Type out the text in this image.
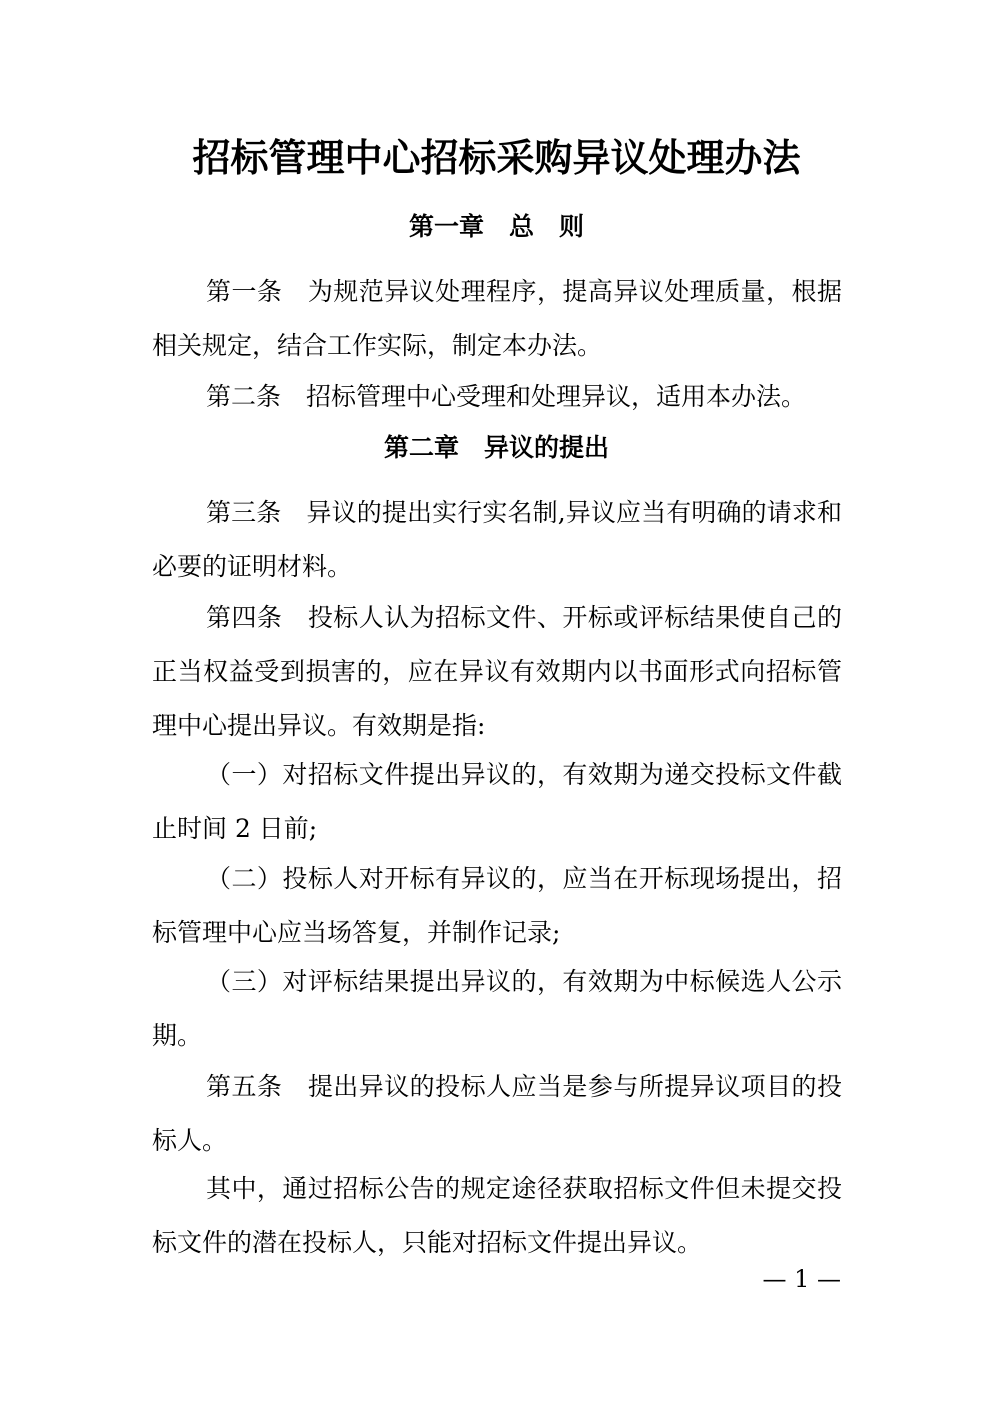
招标管理中心招标采购异议处理办法
第一章　总　则

第一条　为规范异议处理程序，提高异议处理质量，根据相关规定，结合工作实际，制定本办法。

第二条　招标管理中心受理和处理异议，适用本办法。

第二章　异议的提出

第三条　异议的提出实行实名制,异议应当有明确的请求和必要的证明材料。

第四条　投标人认为招标文件、开标或评标结果使自己的正当权益受到损害的，应在异议有效期内以书面形式向招标管理中心提出异议。有效期是指:

（一）对招标文件提出异议的，有效期为递交投标文件截止时间 2 日前;

（二）投标人对开标有异议的，应当在开标现场提出，招标管理中心应当场答复，并制作记录;

（三）对评标结果提出异议的，有效期为中标候选人公示期。

第五条　提出异议的投标人应当是参与所提异议项目的投标人。

其中，通过招标公告的规定途径获取招标文件但未提交投标文件的潜在投标人，只能对招标文件提出异议。

— 1 —
